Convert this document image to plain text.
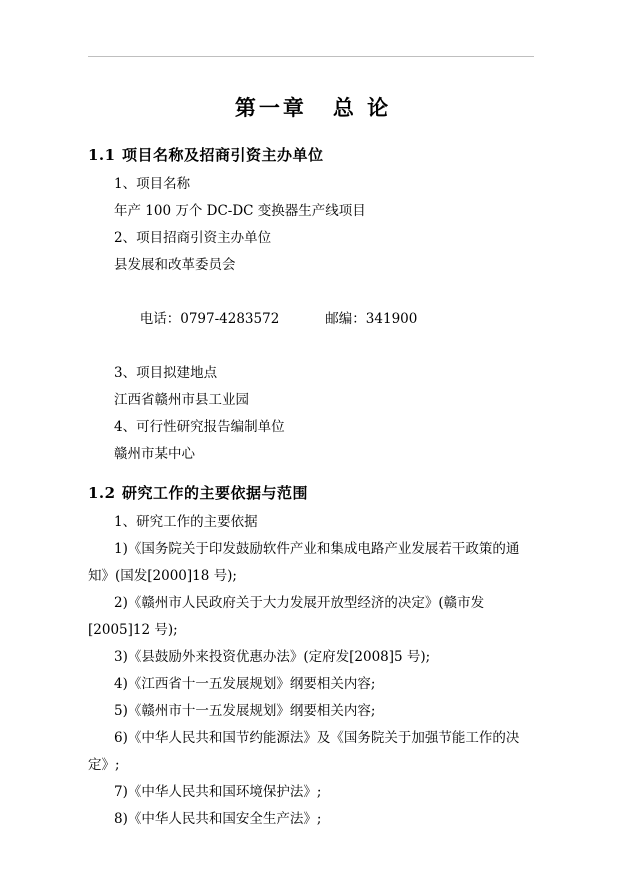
第一章 总 论
1.1 项目名称及招商引资主办单位

1、项目名称

年产 100 万个 DC-DC 变换器生产线项目

2、项目招商引资主办单位

县发展和改革委员会

电话：0797-4283572	邮编：341900

3、项目拟建地点

江西省赣州市县工业园

4、可行性研究报告编制单位

赣州市某中心

1.2 研究工作的主要依据与范围

1、研究工作的主要依据

1)《国务院关于印发鼓励软件产业和集成电路产业发展若干政策的通知》(国发[2000]18 号);

2)《赣州市人民政府关于大力发展开放型经济的决定》(赣市发[2005]12 号);

3)《县鼓励外来投资优惠办法》(定府发[2008]5 号);

4)《江西省十一五发展规划》纲要相关内容;

5)《赣州市十一五发展规划》纲要相关内容;

6)《中华人民共和国节约能源法》及《国务院关于加强节能工作的决定》;

7)《中华人民共和国环境保护法》;

8)《中华人民共和国安全生产法》;
